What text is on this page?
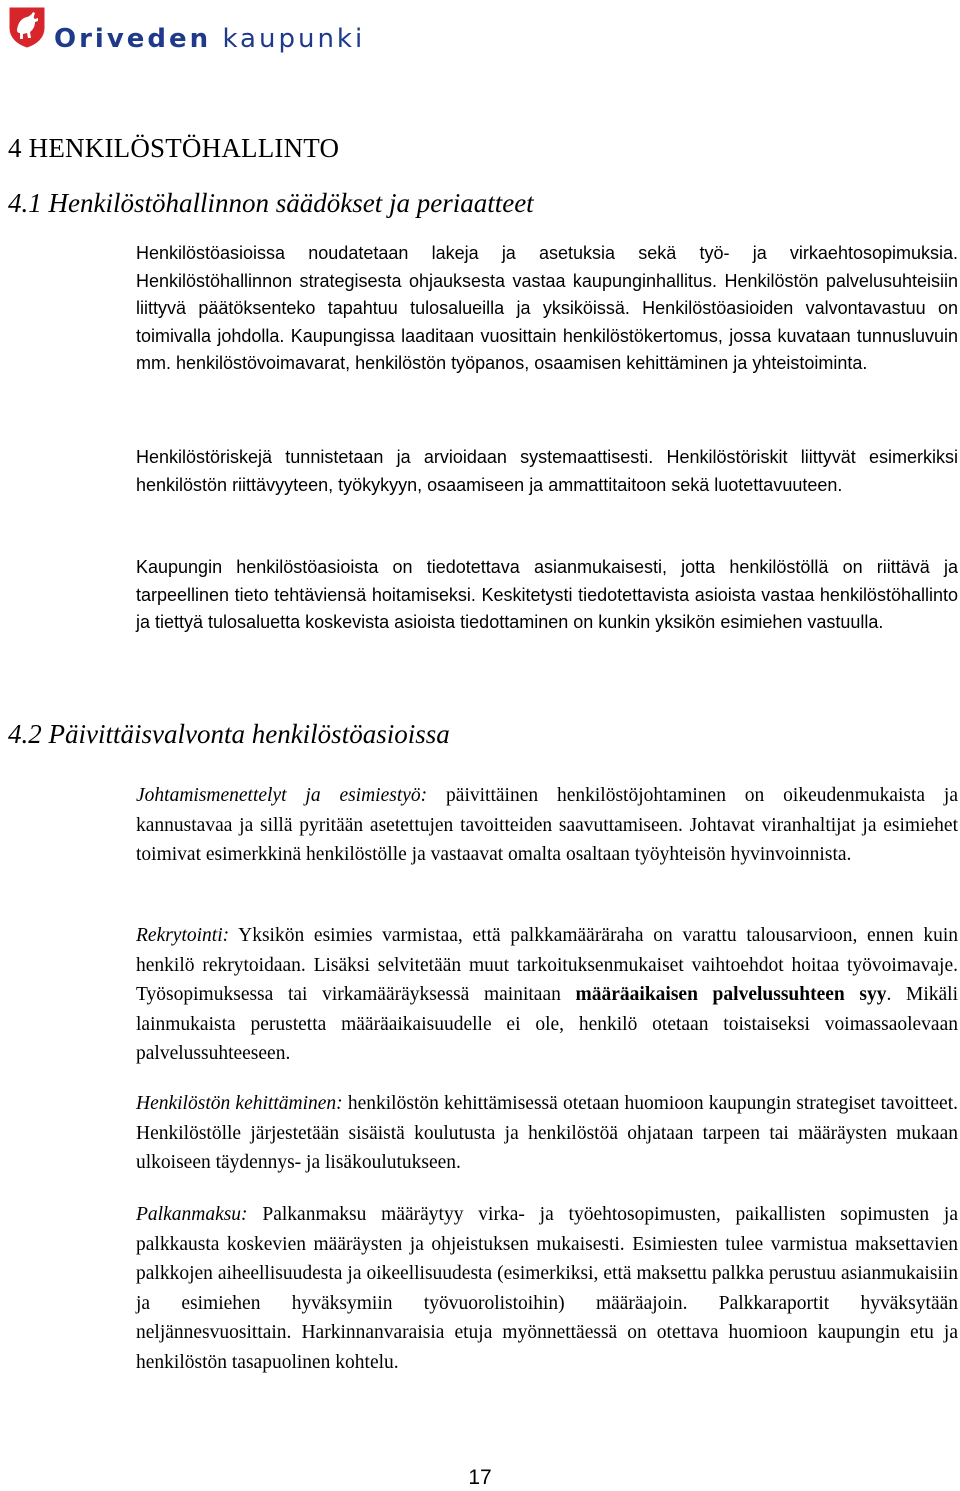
Oriveden kaupunki
4 HENKILÖSTÖHALLINTO
4.1 Henkilöstöhallinnon säädökset ja periaatteet

Henkilöstöasioissa noudatetaan lakeja ja asetuksia sekä työ- ja virkaehtosopimuksia. Henkilöstöhallinnon strategisesta ohjauksesta vastaa kaupunginhallitus. Henkilöstön palvelusuhteisiin liittyvä päätöksenteko tapahtuu tulosalueilla ja yksiköissä. Henkilöstöasioiden valvontavastuu on toimivalla johdolla. Kaupungissa laaditaan vuosittain henkilöstökertomus, jossa kuvataan tunnusluvuin mm. henkilöstövoimavarat, henkilöstön työpanos, osaamisen kehittäminen ja yhteistoiminta.

Henkilöstöriskejä tunnistetaan ja arvioidaan systemaattisesti. Henkilöstöriskit liittyvät esimerkiksi henkilöstön riittävyyteen, työkykyyn, osaamiseen ja ammattitaitoon sekä luotettavuuteen.

Kaupungin henkilöstöasioista on tiedotettava asianmukaisesti, jotta henkilöstöllä on riittävä ja tarpeellinen tieto tehtäviensä hoitamiseksi. Keskitetysti tiedotettavista asioista vastaa henkilöstöhallinto ja tiettyä tulosaluetta koskevista asioista tiedottaminen on kunkin yksikön esimiehen vastuulla.

4.2 Päivittäisvalvonta henkilöstöasioissa

Johtamismenettelyt ja esimiestyö: päivittäinen henkilöstöjohtaminen on oikeudenmukaista ja kannustavaa ja sillä pyritään asetettujen tavoitteiden saavuttamiseen. Johtavat viranhaltijat ja esimiehet toimivat esimerkkinä henkilöstölle ja vastaavat omalta osaltaan työyhteisön hyvinvoinnista.

Rekrytointi: Yksikön esimies varmistaa, että palkkamääräraha on varattu talousarvioon, ennen kuin henkilö rekrytoidaan. Lisäksi selvitetään muut tarkoituksenmukaiset vaihtoehdot hoitaa työvoimavaje. Työsopimuksessa tai virkamääräyksessä mainitaan määräaikaisen palvelussuhteen syy. Mikäli lainmukaista perustetta määräaikaisuudelle ei ole, henkilö otetaan toistaiseksi voimassaolevaan palvelussuhteeseen.

Henkilöstön kehittäminen: henkilöstön kehittämisessä otetaan huomioon kaupungin strategiset tavoitteet. Henkilöstölle järjestetään sisäistä koulutusta ja henkilöstöä ohjataan tarpeen tai määräysten mukaan ulkoiseen täydennys- ja lisäkoulutukseen.

Palkanmaksu: Palkanmaksu määräytyy virka- ja työehtosopimusten, paikallisten sopimusten ja palkkausta koskevien määräysten ja ohjeistuksen mukaisesti. Esimiesten tulee varmistua maksettavien palkkojen aiheellisuudesta ja oikeellisuudesta (esimerkiksi, että maksettu palkka perustuu asianmukaisiin ja esimiehen hyväksymiin työvuorolistoihin) määräajoin. Palkkaraportit hyväksytään neljännesvuosittain. Harkinnanvaraisia etuja myönnettäessä on otettava huomioon kaupungin etu ja henkilöstön tasapuolinen kohtelu.

17
